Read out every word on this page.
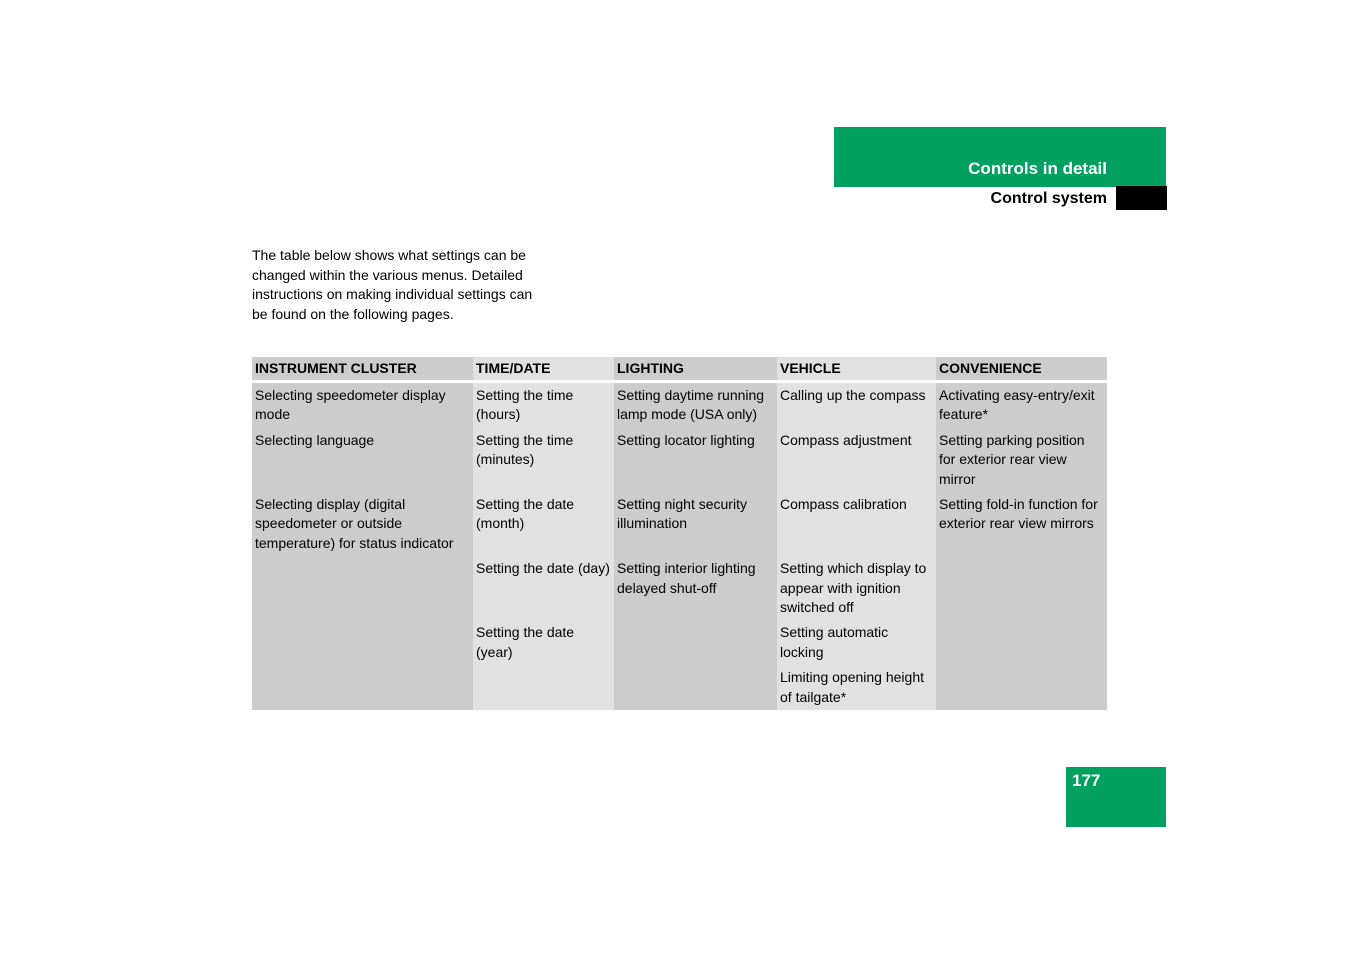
Controls in detail
Control system

The table below shows what settings can be changed within the various menus. Detailed instructions on making individual settings can be found on the following pages.

INSTRUMENT CLUSTER	TIME/DATE	LIGHTING	VEHICLE	CONVENIENCE
Selecting speedometer display mode	Setting the time (hours)	Setting daytime running lamp mode (USA only)	Calling up the compass	Activating easy-entry/exit feature*
Selecting language	Setting the time (minutes)	Setting locator lighting	Compass adjustment	Setting parking position for exterior rear view mirror
Selecting display (digital speedometer or outside temperature) for status indicator	Setting the date (month)	Setting night security illumination	Compass calibration	Setting fold-in function for exterior rear view mirrors
	Setting the date (day)	Setting interior lighting delayed shut-off	Setting which display to appear with ignition switched off	
	Setting the date (year)		Setting automatic locking	
			Limiting opening height of tailgate*	
177
